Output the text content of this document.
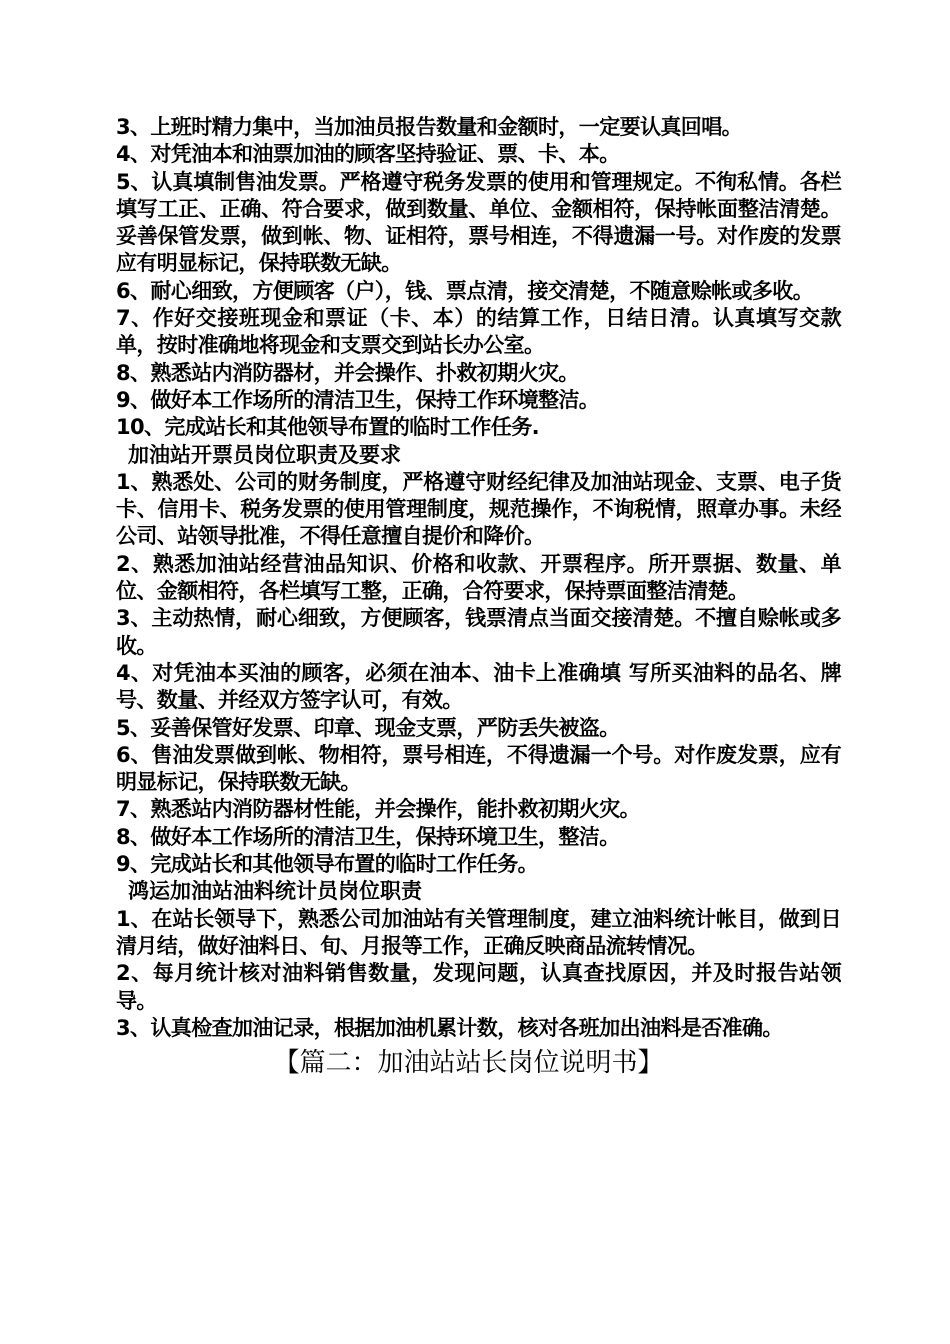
3、上班时精力集中，当加油员报告数量和金额时，一定要认真回唱。

4、对凭油本和油票加油的顾客坚持验证、票、卡、本。

5、认真填制售油发票。严格遵守税务发票的使用和管理规定。不徇私情。各栏填写工正、正确、符合要求，做到数量、单位、金额相符，保持帐面整洁清楚。妥善保管发票，做到帐、物、证相符，票号相连，不得遗漏一号。对作废的发票应有明显标记，保持联数无缺。

6、耐心细致，方便顾客（户），钱、票点清，接交清楚，不随意赊帐或多收。

7、作好交接班现金和票证（卡、本）的结算工作，日结日清。认真填写交款单，按时准确地将现金和支票交到站长办公室。

8、熟悉站内消防器材，并会操作、扑救初期火灾。

9、做好本工作场所的清洁卫生，保持工作环境整洁。

10、完成站长和其他领导布置的临时工作任务.

加油站开票员岗位职责及要求

1、熟悉处、公司的财务制度，严格遵守财经纪律及加油站现金、支票、电子货卡、信用卡、税务发票的使用管理制度，规范操作，不询税情，照章办事。未经公司、站领导批准，不得任意擅自提价和降价。

2、熟悉加油站经营油品知识、价格和收款、开票程序。所开票据、数量、单位、金额相符，各栏填写工整，正确，合符要求，保持票面整洁清楚。

3、主动热情，耐心细致，方便顾客，钱票清点当面交接清楚。不擅自赊帐或多收。

4、对凭油本买油的顾客，必须在油本、油卡上准确填 写所买油料的品名、牌号、数量、并经双方签字认可，有效。

5、妥善保管好发票、印章、现金支票，严防丢失被盗。

6、售油发票做到帐、物相符，票号相连，不得遗漏一个号。对作废发票，应有明显标记，保持联数无缺。

7、熟悉站内消防器材性能，并会操作，能扑救初期火灾。

8、做好本工作场所的清洁卫生，保持环境卫生，整洁。

9、完成站长和其他领导布置的临时工作任务。

鸿运加油站油料统计员岗位职责

1、在站长领导下，熟悉公司加油站有关管理制度，建立油料统计帐目，做到日清月结，做好油料日、旬、月报等工作，正确反映商品流转情况。

2、每月统计核对油料销售数量，发现问题，认真查找原因，并及时报告站领导。

3、认真检查加油记录，根据加油机累计数，核对各班加出油料是否准确。

【篇二：加油站站长岗位说明书】
